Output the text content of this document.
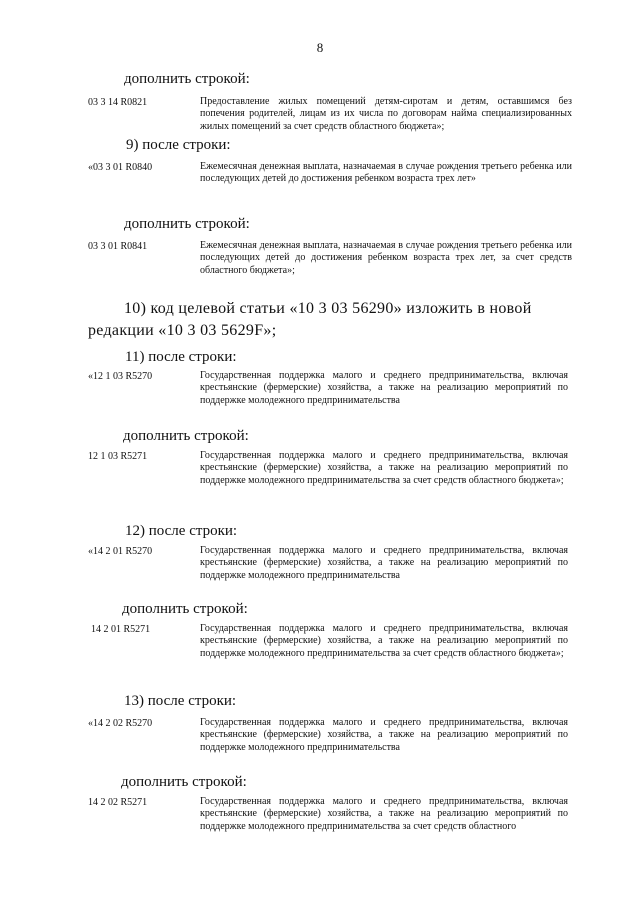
8
дополнить строкой:
03 3 14 R0821	Предоставление жилых помещений детям-сиротам и детям, оставшимся без попечения родителей, лицам из их числа по договорам найма специализированных жилых помещений за счет средств областного бюджета»;
9) после строки:
«03 3 01 R0840	Ежемесячная денежная выплата, назначаемая в случае рождения третьего ребенка или последующих детей до достижения ребенком возраста трех лет»
дополнить строкой:
03 3 01 R0841	Ежемесячная денежная выплата, назначаемая в случае рождения третьего ребенка или последующих детей до достижения ребенком возраста трех лет, за счет средств областного бюджета»;
10) код целевой статьи «10 3 03 56290» изложить в новой редакции «10 3 03 5629F»;
11) после строки:
«12 1 03 R5270	Государственная поддержка малого и среднего предпринимательства, включая крестьянские (фермерские) хозяйства, а также на реализацию мероприятий по поддержке молодежного предпринимательства
дополнить строкой:
12 1 03 R5271	Государственная поддержка малого и среднего предпринимательства, включая крестьянские (фермерские) хозяйства, а также на реализацию мероприятий по поддержке молодежного предпринимательства за счет средств областного бюджета»;
12) после строки:
«14 2 01 R5270	Государственная поддержка малого и среднего предпринимательства, включая крестьянские (фермерские) хозяйства, а также на реализацию мероприятий по поддержке молодежного предпринимательства
дополнить строкой:
14 2 01 R5271	Государственная поддержка малого и среднего предпринимательства, включая крестьянские (фермерские) хозяйства, а также на реализацию мероприятий по поддержке молодежного предпринимательства за счет средств областного бюджета»;
13) после строки:
«14 2 02 R5270	Государственная поддержка малого и среднего предпринимательства, включая крестьянские (фермерские) хозяйства, а также на реализацию мероприятий по поддержке молодежного предпринимательства
дополнить строкой:
14 2 02 R5271	Государственная поддержка малого и среднего предпринимательства, включая крестьянские (фермерские) хозяйства, а также на реализацию мероприятий по поддержке молодежного предпринимательства за счет средств областного
